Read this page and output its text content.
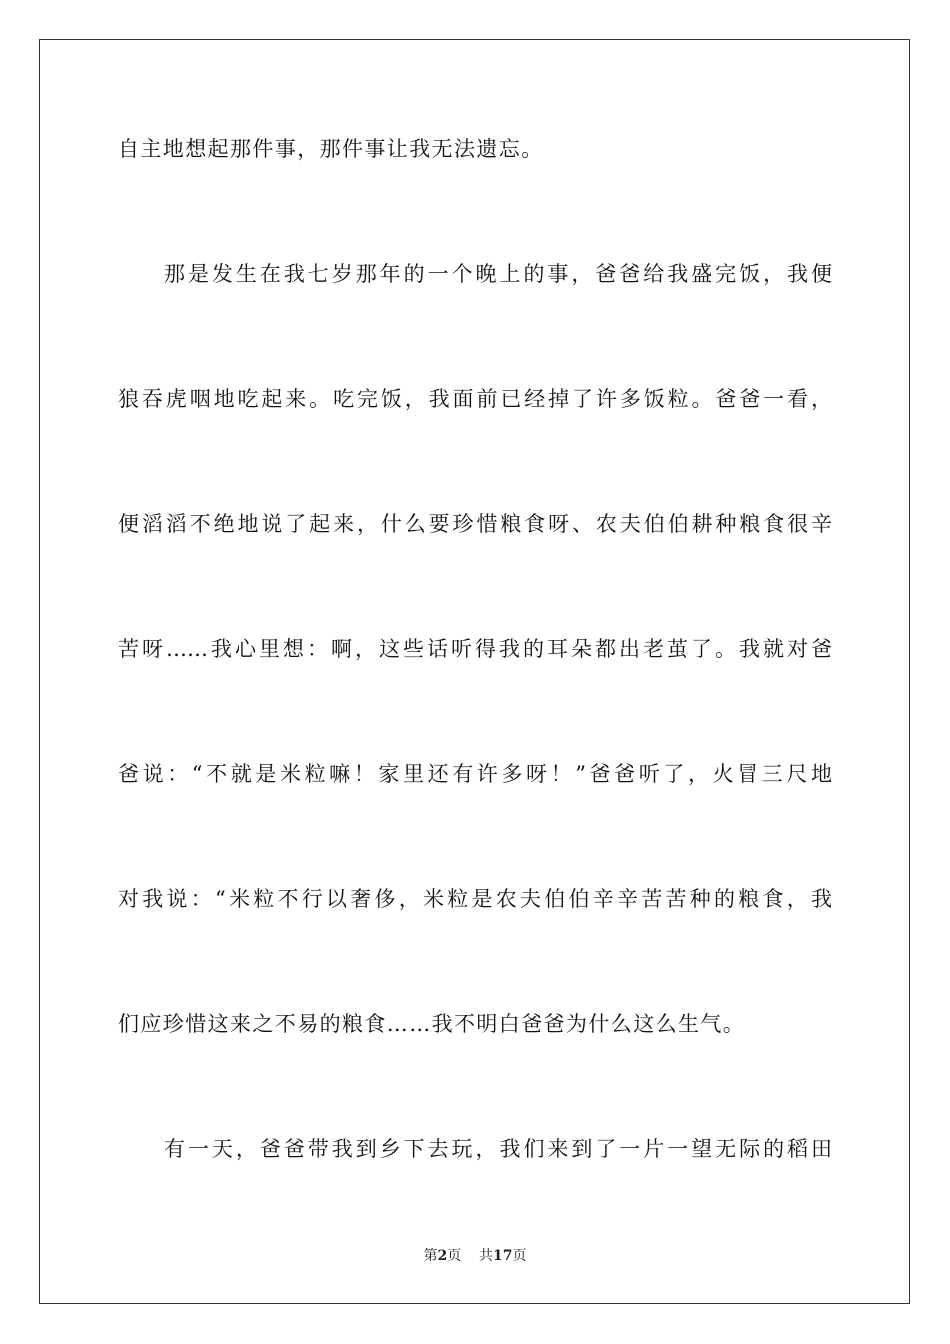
自主地想起那件事，那件事让我无法遗忘。
那是发生在我七岁那年的一个晚上的事，爸爸给我盛完饭，我便
狼吞虎咽地吃起来。吃完饭，我面前已经掉了许多饭粒。爸爸一看，
便滔滔不绝地说了起来，什么要珍惜粮食呀、农夫伯伯耕种粮食很辛
苦呀……我心里想：啊，这些话听得我的耳朵都出老茧了。我就对爸
爸说：“不就是米粒嘛！家里还有许多呀！”爸爸听了，火冒三尺地
对我说：“米粒不行以奢侈，米粒是农夫伯伯辛辛苦苦种的粮食，我
们应珍惜这来之不易的粮食……我不明白爸爸为什么这么生气。
有一天，爸爸带我到乡下去玩，我们来到了一片一望无际的稻田
第2页 共17页
